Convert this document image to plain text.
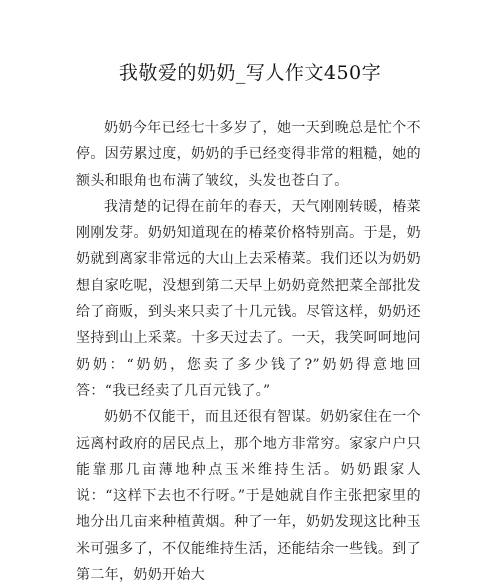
我敬爱的奶奶_写人作文450字

奶奶今年已经七十多岁了，她一天到晚总是忙个不停。因劳累过度，奶奶的手已经变得非常的粗糙，她的额头和眼角也布满了皱纹，头发也苍白了。

我清楚的记得在前年的春天，天气刚刚转暖，椿菜刚刚发芽。奶奶知道现在的椿菜价格特别高。于是，奶奶就到离家非常远的大山上去采椿菜。我们还以为奶奶想自家吃呢，没想到第二天早上奶奶竟然把菜全部批发给了商贩，到头来只卖了十几元钱。尽管这样，奶奶还坚持到山上采菜。十多天过去了。一天，我笑呵呵地问奶奶：“奶奶，您卖了多少钱了?”奶奶得意地回答：“我已经卖了几百元钱了。”

奶奶不仅能干，而且还很有智谋。奶奶家住在一个远离村政府的居民点上，那个地方非常穷。家家户户只能靠那几亩薄地种点玉米维持生活。奶奶跟家人说：“这样下去也不行呀。”于是她就自作主张把家里的地分出几亩来种植黄烟。种了一年，奶奶发现这比种玉米可强多了，不仅能维持生活，还能结余一些钱。到了第二年，奶奶开始大
